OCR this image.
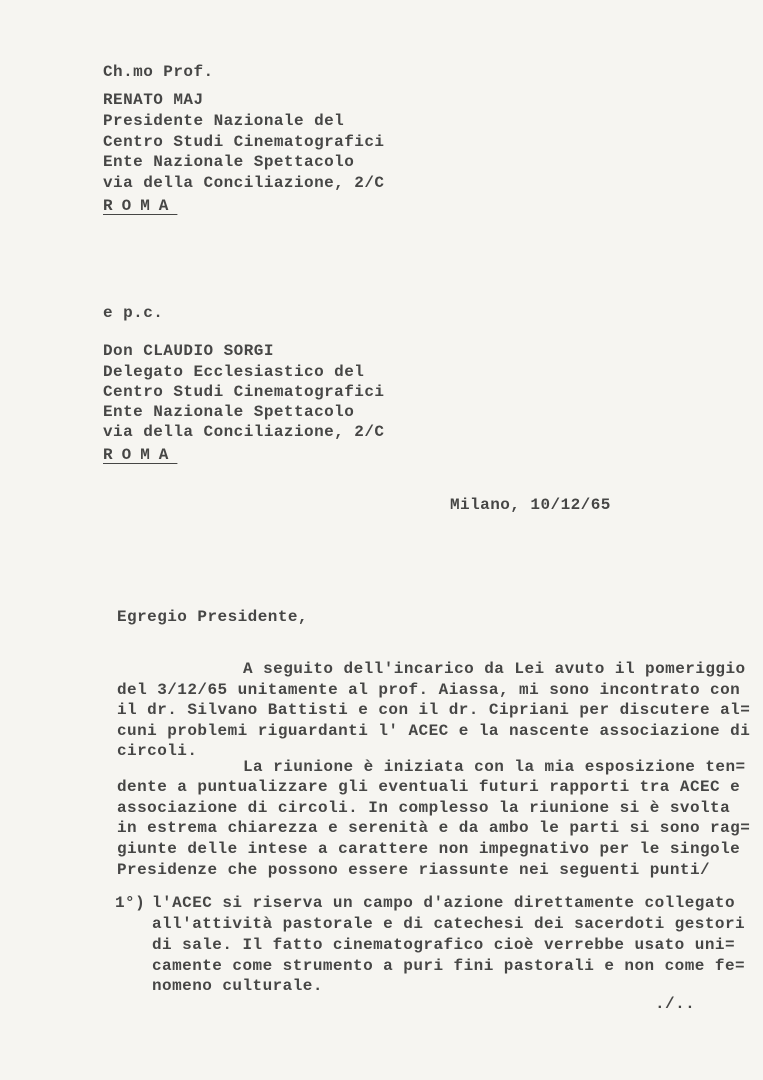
Ch.mo Prof.
RENATO MAJ
Presidente Nazionale del
Centro Studi Cinematografici
Ente Nazionale Spettacolo
via della Conciliazione, 2/C
ROMA
e p.c.
Don CLAUDIO SORGI
Delegato Ecclesiastico del
Centro Studi Cinematografici
Ente Nazionale Spettacolo
via della Conciliazione, 2/C
ROMA
Milano, 10/12/65
Egregio Presidente,
A seguito dell'incarico da Lei avuto il pomeriggio
del 3/12/65 unitamente al prof. Aiassa, mi sono incontrato con
il dr. Silvano Battisti e con il dr. Cipriani per discutere al=
cuni problemi riguardanti l' ACEC e la nascente associazione di
circoli.
La riunione è iniziata con la mia esposizione ten=
dente a puntualizzare gli eventuali futuri rapporti tra ACEC e
associazione di circoli. In complesso la riunione si è svolta
in estrema chiarezza e serenità e da ambo le parti si sono rag=
giunte delle intese a carattere non impegnativo per le singole
Presidenze che possono essere riassunte nei seguenti punti/
1°) l'ACEC si riserva un campo d'azione direttamente collegato
all'attività pastorale e di catechesi dei sacerdoti gestori
di sale. Il fatto cinematografico cioè verrebbe usato uni=
camente come strumento a puri fini pastorali e non come fe=
nomeno culturale.
./..
